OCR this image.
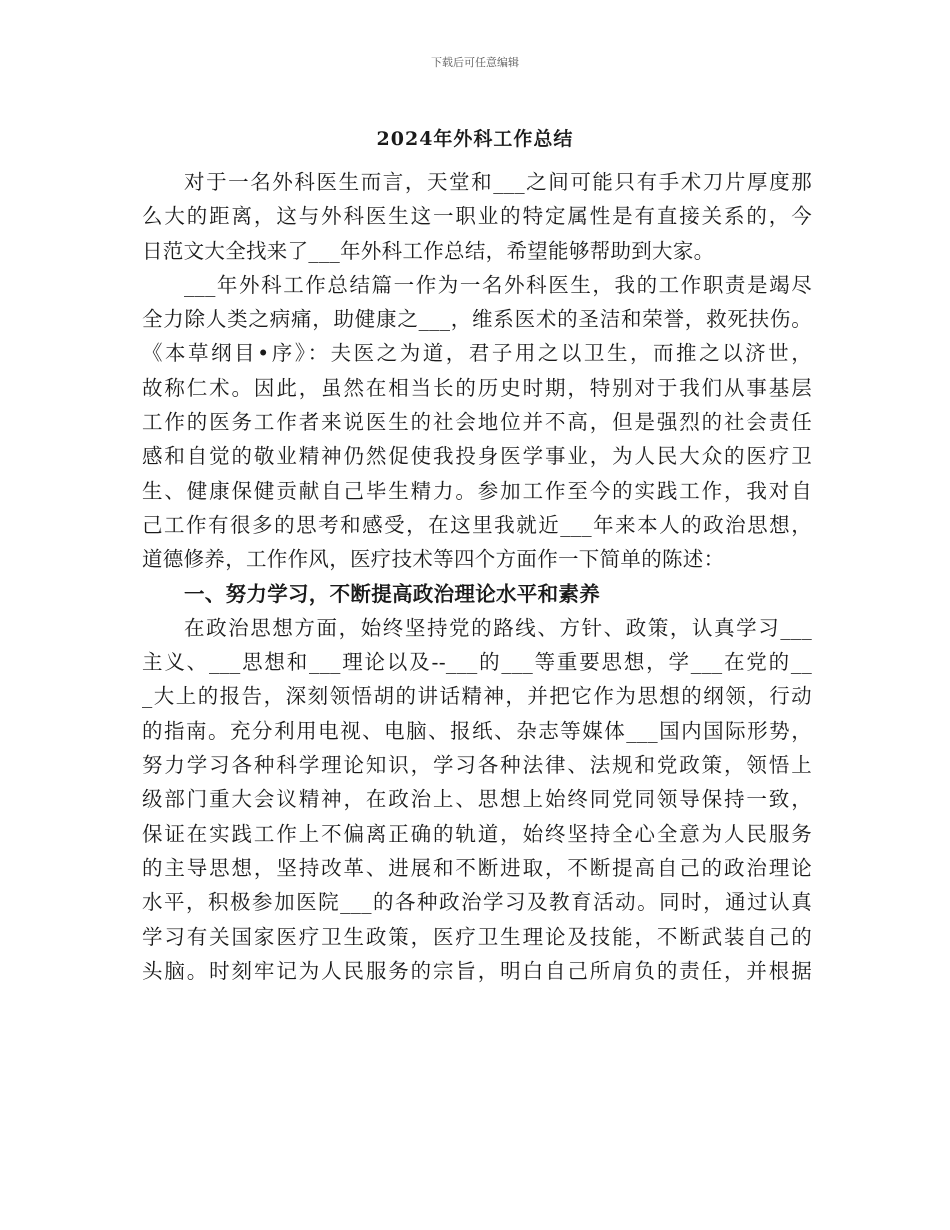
下载后可任意编辑
2024年外科工作总结
对于一名外科医生而言，天堂和___之间可能只有手术刀片厚度那
么大的距离，这与外科医生这一职业的特定属性是有直接关系的，今
日范文大全找来了___年外科工作总结，希望能够帮助到大家。
___年外科工作总结篇一作为一名外科医生，我的工作职责是竭尽
全力除人类之病痛，助健康之___，维系医术的圣洁和荣誉，救死扶伤。
《本草纲目•序》：夫医之为道，君子用之以卫生，而推之以济世，
故称仁术。因此，虽然在相当长的历史时期，特别对于我们从事基层
工作的医务工作者来说医生的社会地位并不高，但是强烈的社会责任
感和自觉的敬业精神仍然促使我投身医学事业，为人民大众的医疗卫
生、健康保健贡献自己毕生精力。参加工作至今的实践工作，我对自
己工作有很多的思考和感受，在这里我就近___年来本人的政治思想，
道德修养，工作作风，医疗技术等四个方面作一下简单的陈述：
一、努力学习，不断提高政治理论水平和素养
在政治思想方面，始终坚持党的路线、方针、政策，认真学习___
主义、___思想和___理论以及--___的___等重要思想，学___在党的__
_大上的报告，深刻领悟胡的讲话精神，并把它作为思想的纲领，行动
的指南。充分利用电视、电脑、报纸、杂志等媒体___国内国际形势，
努力学习各种科学理论知识，学习各种法律、法规和党政策，领悟上
级部门重大会议精神，在政治上、思想上始终同党同领导保持一致，
保证在实践工作上不偏离正确的轨道，始终坚持全心全意为人民服务
的主导思想，坚持改革、进展和不断进取，不断提高自己的政治理论
水平，积极参加医院___的各种政治学习及教育活动。同时，通过认真
学习有关国家医疗卫生政策，医疗卫生理论及技能，不断武装自己的
头脑。时刻牢记为人民服务的宗旨，明白自己所肩负的责任，并根据
